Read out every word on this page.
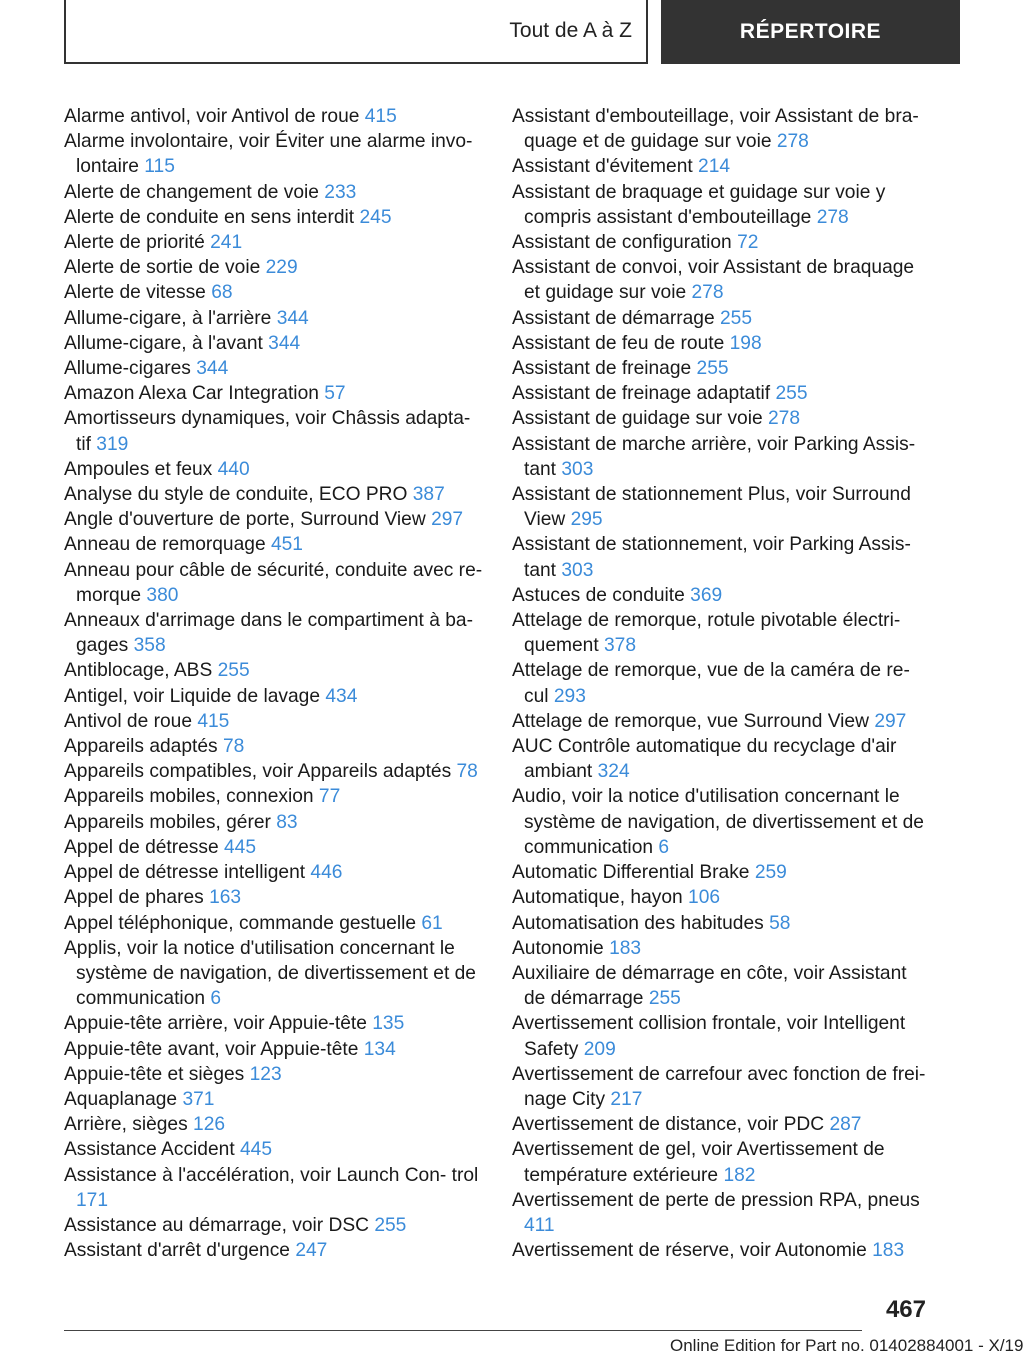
Tout de A à Z	RÉPERTOIRE
Alarme antivol, voir Antivol de roue 415
Alarme involontaire, voir Éviter une alarme invo- lontaire 115
Alerte de changement de voie 233
Alerte de conduite en sens interdit 245
Alerte de priorité 241
Alerte de sortie de voie 229
Alerte de vitesse 68
Allume-cigare, à l'arrière 344
Allume-cigare, à l'avant 344
Allume-cigares 344
Amazon Alexa Car Integration 57
Amortisseurs dynamiques, voir Châssis adapta- tif 319
Ampoules et feux 440
Analyse du style de conduite, ECO PRO 387
Angle d'ouverture de porte, Surround View 297
Anneau de remorquage 451
Anneau pour câble de sécurité, conduite avec re- morque 380
Anneaux d'arrimage dans le compartiment à ba- gages 358
Antiblocage, ABS 255
Antigel, voir Liquide de lavage 434
Antivol de roue 415
Appareils adaptés 78
Appareils compatibles, voir Appareils adaptés 78
Appareils mobiles, connexion 77
Appareils mobiles, gérer 83
Appel de détresse 445
Appel de détresse intelligent 446
Appel de phares 163
Appel téléphonique, commande gestuelle 61
Applis, voir la notice d'utilisation concernant le système de navigation, de divertissement et de communication 6
Appuie-tête arrière, voir Appuie-tête 135
Appuie-tête avant, voir Appuie-tête 134
Appuie-tête et sièges 123
Aquaplanage 371
Arrière, sièges 126
Assistance Accident 445
Assistance à l'accélération, voir Launch Con- trol 171
Assistance au démarrage, voir DSC 255
Assistant d'arrêt d'urgence 247
Assistant d'embouteillage, voir Assistant de bra- quage et de guidage sur voie 278
Assistant d'évitement 214
Assistant de braquage et guidage sur voie y compris assistant d'embouteillage 278
Assistant de configuration 72
Assistant de convoi, voir Assistant de braquage et guidage sur voie 278
Assistant de démarrage 255
Assistant de feu de route 198
Assistant de freinage 255
Assistant de freinage adaptatif 255
Assistant de guidage sur voie 278
Assistant de marche arrière, voir Parking Assis- tant 303
Assistant de stationnement Plus, voir Surround View 295
Assistant de stationnement, voir Parking Assis- tant 303
Astuces de conduite 369
Attelage de remorque, rotule pivotable électri- quement 378
Attelage de remorque, vue de la caméra de re- cul 293
Attelage de remorque, vue Surround View 297
AUC Contrôle automatique du recyclage d'air ambiant 324
Audio, voir la notice d'utilisation concernant le système de navigation, de divertissement et de communication 6
Automatic Differential Brake 259
Automatique, hayon 106
Automatisation des habitudes 58
Autonomie 183
Auxiliaire de démarrage en côte, voir Assistant de démarrage 255
Avertissement collision frontale, voir Intelligent Safety 209
Avertissement de carrefour avec fonction de frei- nage City 217
Avertissement de distance, voir PDC 287
Avertissement de gel, voir Avertissement de température extérieure 182
Avertissement de perte de pression RPA, pneus 411
Avertissement de réserve, voir Autonomie 183
467
Online Edition for Part no. 01402884001 - X/19
